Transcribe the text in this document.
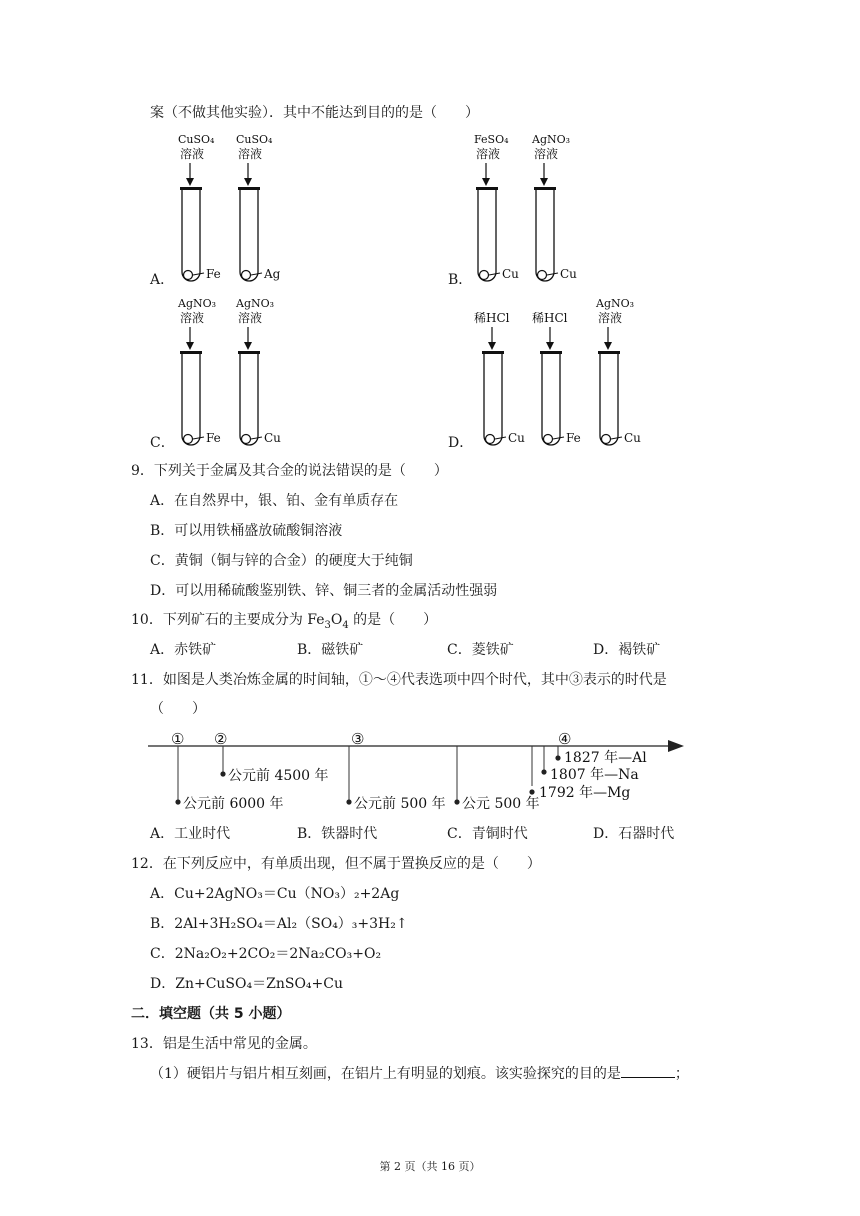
案（不做其他实验）．其中不能达到目的的是（　　）
A．
CuSO₄
溶液
Fe
CuSO₄
溶液
Ag	B．
FeSO₄
溶液
Cu
AgNO₃
溶液
Cu
C．
AgNO₃
溶液
Fe
AgNO₃
溶液
Cu	D．
稀HCl
Cu
稀HCl
Fe
AgNO₃
溶液
Cu
9．下列关于金属及其合金的说法错误的是（　　）
A．在自然界中，银、铂、金有单质存在
B．可以用铁桶盛放硫酸铜溶液
C．黄铜（铜与锌的合金）的硬度大于纯铜
D．可以用稀硫酸鉴别铁、锌、铜三者的金属活动性强弱
10．下列矿石的主要成分为 $Fe_3O_4$ 的是（　　）
A．赤铁矿	B．磁铁矿	C．菱铁矿	D．褐铁矿
11．如图是人类冶炼金属的时间轴，①～④代表选项中四个时代，其中③表示的时代是
（　　）
① ②	③	④
公元前 4500 年
公元前 6000 年	公元前 500 年 公元 500 年
1827 年—Al
1807 年—Na
1792 年—Mg
A．工业时代	B．铁器时代	C．青铜时代	D．石器时代
12．在下列反应中，有单质出现，但不属于置换反应的是（　　）
A．Cu+2AgNO₃＝Cu（NO₃）₂+2Ag
B．2Al+3H₂SO₄＝Al₂（SO₄）₃+3H₂↑
C．2Na₂O₂+2CO₂＝2Na₂CO₃+O₂
D．Zn+CuSO₄＝ZnSO₄+Cu
二．填空题（共 5 小题）
13．铝是生活中常见的金属。
（1）硬铝片与铝片相互刻画，在铝片上有明显的划痕。该实验探究的目的是	；
第 2 页（共 16 页）
